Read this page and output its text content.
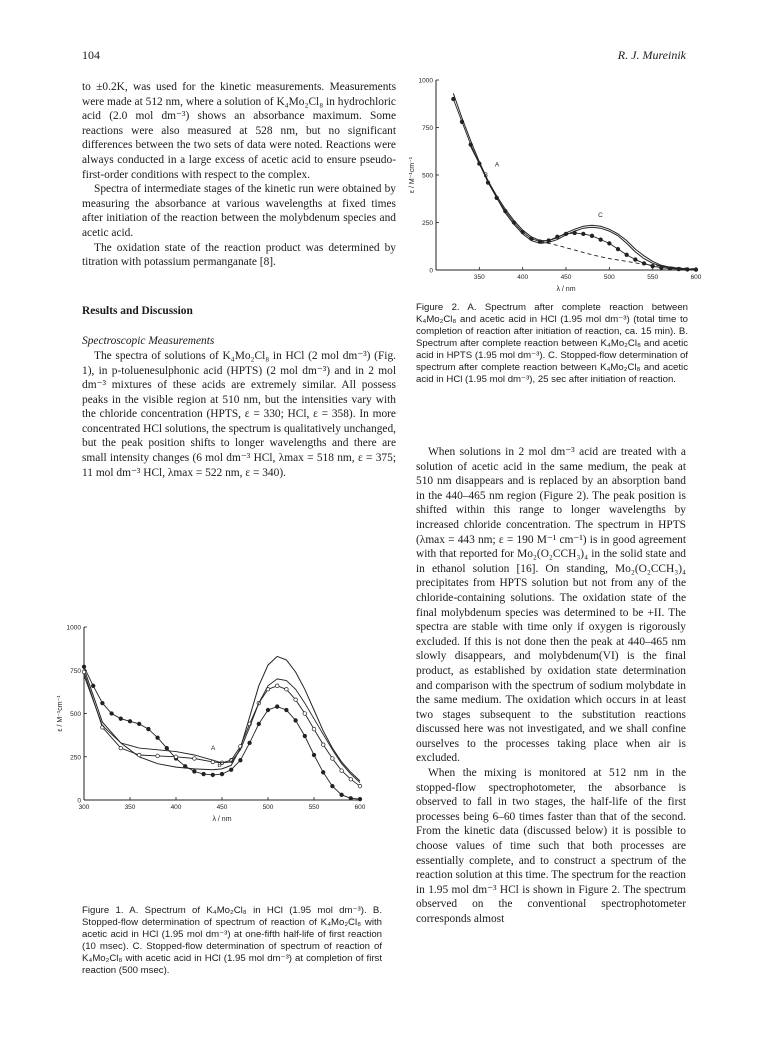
104	R. J. Mureinik

to ±0.2K, was used for the kinetic measurements. Measurements were made at 512 nm, where a solution of K₄Mo₂Cl₈ in hydrochloric acid (2.0 mol dm⁻³) shows an absorbance maximum. Some reactions were also measured at 528 nm, but no significant differences between the two sets of data were noted. Reactions were always conducted in a large excess of acetic acid to ensure pseudo-first-order conditions with respect to the complex.

Spectra of intermediate stages of the kinetic run were obtained by measuring the absorbance at various wavelengths at fixed times after initiation of the reaction between the molybdenum species and acetic acid.

The oxidation state of the reaction product was determined by titration with potassium permanganate [8].

Results and Discussion

Spectroscopic Measurements

The spectra of solutions of K₄Mo₂Cl₈ in HCl (2 mol dm⁻³) (Fig. 1), in p-toluenesulphonic acid (HPTS) (2 mol dm⁻³) and in 2 mol dm⁻³ mixtures of these acids are extremely similar. All possess peaks in the visible region at 510 nm, but the intensities vary with the chloride concentration (HPTS, ε = 330; HCl, ε = 358). In more concentrated HCl solutions, the spectrum is qualitatively unchanged, but the peak position shifts to longer wavelengths and there are small intensity changes (6 mol dm⁻³ HCl, λmax = 518 nm, ε = 375; 11 mol dm⁻³ HCl, λmax = 522 nm, ε = 340).

When solutions in 2 mol dm⁻³ acid are treated with a solution of acetic acid in the same medium, the peak at 510 nm disappears and is replaced by an absorption band in the 440–465 nm region (Figure 2). The peak position is shifted within this range to longer wavelengths by increased chloride concentration. The spectrum in HPTS (λmax = 443 nm; ε = 190 M⁻¹ cm⁻¹) is in good agreement with that reported for Mo₂(O₂CCH₃)₄ in the solid state and in ethanol solution [16]. On standing, Mo₂(O₂CCH₃)₄ precipitates from HPTS solution but not from any of the chloride-containing solutions. The oxidation state of the final molybdenum species was determined to be +II. The spectra are stable with time only if oxygen is rigorously excluded. If this is not done then the peak at 440–465 nm slowly disappears, and molybdenum(VI) is the final product, as established by oxidation state determination and comparison with the spectrum of sodium molybdate in the same medium. The oxidation which occurs in at least two stages subsequent to the substitution reactions discussed here was not investigated, and we shall confine ourselves to the processes taking place when air is excluded.

When the mixing is monitored at 512 nm in the stopped-flow spectrophotometer, the absorbance is observed to fall in two stages, the half-life of the first processes being 6–60 times faster than that of the second. From the kinetic data (discussed below) it is possible to choose values of time such that both processes are essentially complete, and to construct a spectrum of the reaction solution at this time. The spectrum for the reaction in 1.95 mol dm⁻³ HCl is shown in Figure 2. The spectrum observed on the conventional spectrophotometer corresponds almost

300	350	400	450	500	550	600
0
250
500
750
1000
λ / nm
ε / M⁻¹cm⁻¹
A
B
C
Figure 1. A. Spectrum of K₄Mo₂Cl₈ in HCl (1.95 mol dm⁻³). B. Stopped-flow determination of spectrum of reaction of K₄Mo₂Cl₈ with acetic acid in HCl (1.95 mol dm⁻³) at one-fifth half-life of first reaction (10 msec). C. Stopped-flow determination of spectrum of reaction of K₄Mo₂Cl₈ with acetic acid in HCl (1.95 mol dm⁻³) at completion of first reaction (500 msec).
350	400	450	500	550	600
0
250
500
750
1000
λ / nm
ε / M⁻¹cm⁻¹	A
B
C
Figure 2. A. Spectrum after complete reaction between K₄Mo₂Cl₈ and acetic acid in HCl (1.95 mol dm⁻³) (total time to completion of reaction after initiation of reaction, ca. 15 min). B. Spectrum after complete reaction between K₄Mo₂Cl₈ and acetic acid in HPTS (1.95 mol dm⁻³). C. Stopped-flow determination of spectrum after complete reaction between K₄Mo₂Cl₈ and acetic acid in HCl (1.95 mol dm⁻³), 25 sec after initiation of reaction.
